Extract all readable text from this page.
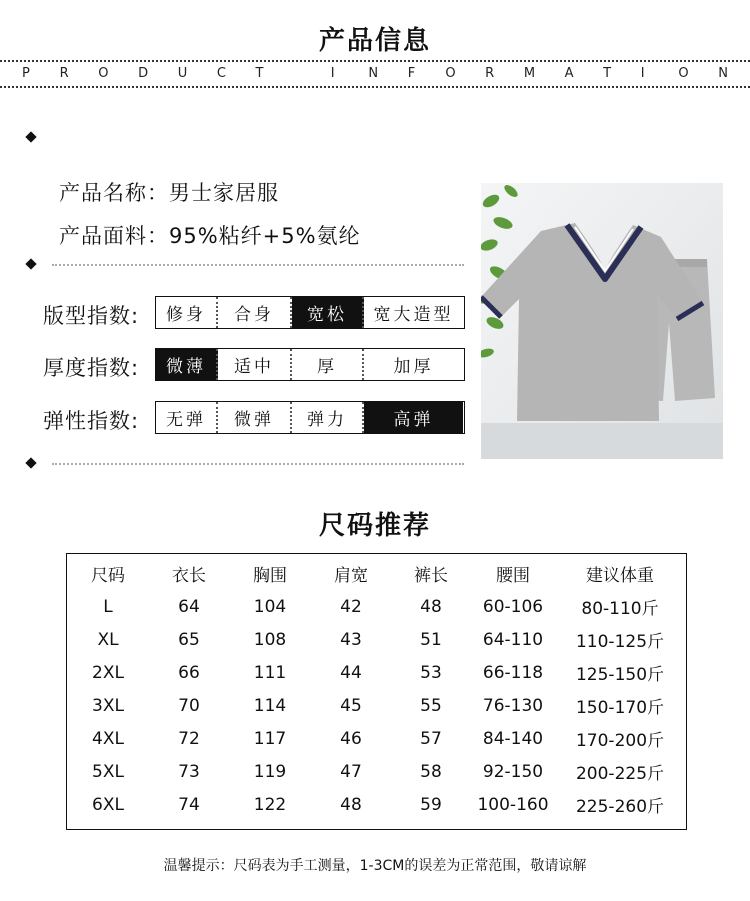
产品信息
P R O D U C T	I	N F O R M A T I	O N
产品名称：男士家居服
产品面料：95%粘纤+5%氨纶
版型指数:	修身	合身	宽松	宽大造型
厚度指数:	微薄	适中	厚	加厚
弹性指数:	无弹	微弹	弹力	高弹
尺码推荐
尺码	衣长	胸围	肩宽	裤长	腰围	建议体重
L	64	104	42	48	60-106	80-110斤
XL	65	108	43	51	64-110	110-125斤
2XL	66	111	44	53	66-118	125-150斤
3XL	70	114	45	55	76-130	150-170斤
4XL	72	117	46	57	84-140	170-200斤
5XL	73	119	47	58	92-150	200-225斤
6XL	74	122	48	59	100-160	225-260斤
温馨提示：尺码表为手工测量，1-3CM的误差为正常范围，敬请谅解
